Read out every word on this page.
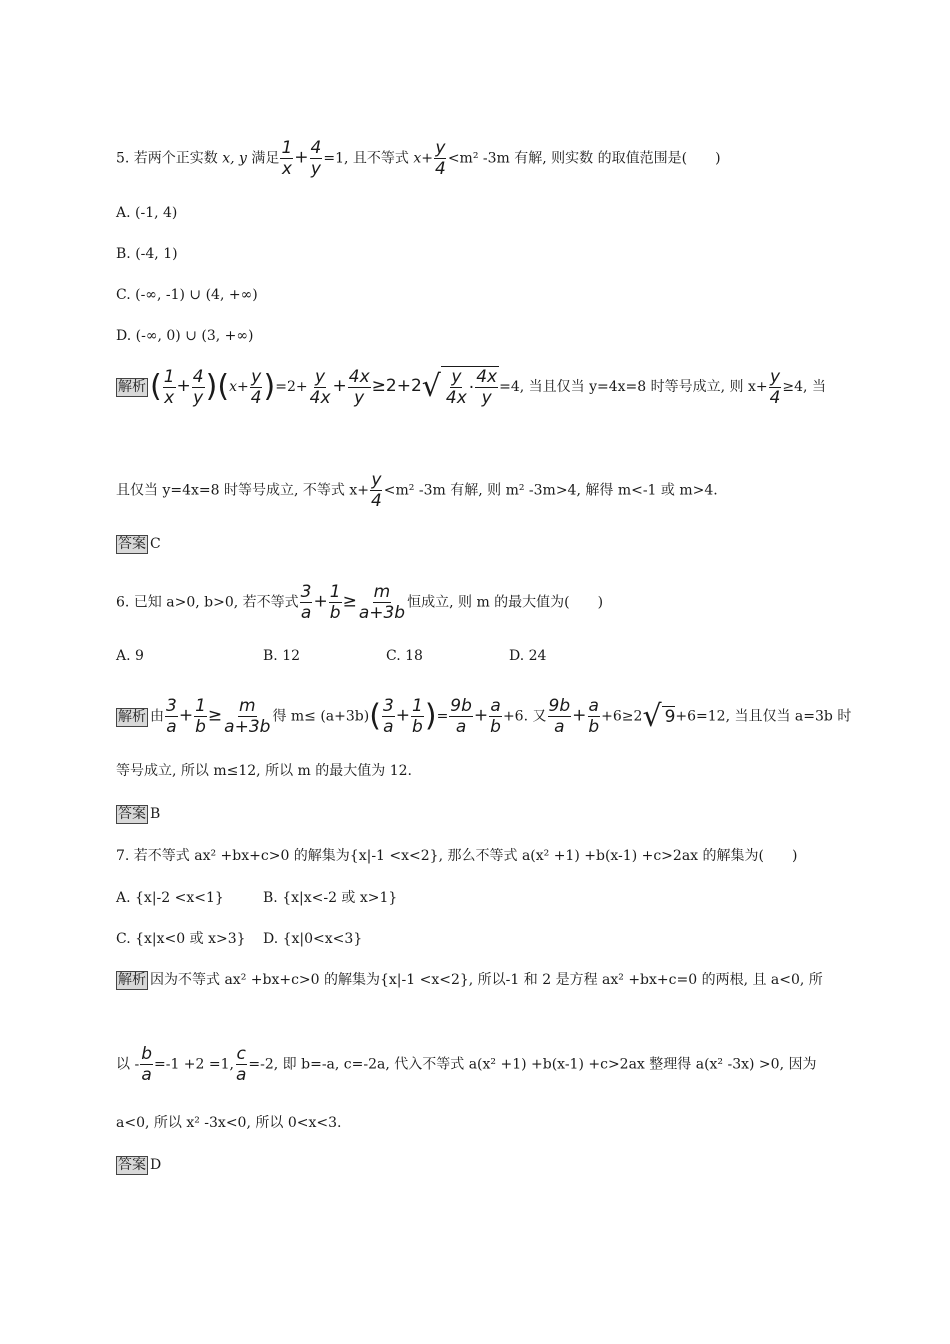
5. 若两个正实数 x, y 满足 $\frac{1}{x} + \frac{4}{y} =1$, 且不等式 $x+ \frac{y}{4} <m^2$ -3m 有解, 则实数 的取值范围是(　　)
A. (-1, 4)
B. (-4, 1)
C. (-∞, -1) ∪ (4, +∞)
D. (-∞, 0) ∪ (3, +∞)
解析 ( $\frac{1}{x} + \frac{4}{y} )(x+ \frac{y}{4} )=2+ \frac{y}{4x} + \frac{4x}{y} \ge 2+2$ √ $\frac{y}{4x} \cdot \frac{4x}{y} =4$, 当且仅当 y=4x=8 时等号成立, 则 $x+ \frac{y}{4} \ge 4$, 当
且仅当 y=4x=8 时等号成立, 不等式 $x+ \frac{y}{4} <m^2$ -3m 有解, 则 m² -3m>4, 解得 m<-1 或 m>4.
答案 C
6. 已知 a>0, b>0, 若不等式 $\frac{3}{a} + \frac{1}{b} \ge \frac{m}{a+3b}$ 恒成立, 则 m 的最大值为(　　)
A. 9	B. 12	C. 18	D. 24
解析 由 $\frac{3}{a} + \frac{1}{b} \ge \frac{m}{a+3b}$ 得 $m\le (a+3b)( \frac{3}{a} + \frac{1}{b}$ )= $\frac{9b}{a} + \frac{a}{b} +6$. 又 $\frac{9b}{a} + \frac{a}{b} +6\ge 2$ √ 9 +6=12, 当且仅当 a=3b 时
等号成立, 所以 m≤12, 所以 m 的最大值为 12.
答案 B
7. 若不等式 ax² +bx+c>0 的解集为{x|-1 <x<2}, 那么不等式 a(x² +1) +b(x-1) +c>2ax 的解集为(　　)
A. {x|-2 <x<1}	B. {x|x<-2 或 x>1}
C. {x|x<0 或 x>3} D. {x|0<x<3}
解析 因为不等式 ax² +bx+c>0 的解集为{x|-1 <x<2}, 所以-1 和 2 是方程 ax² +bx+c=0 的两根, 且 a<0, 所
以 - $\frac{b}{a} =-1 +2 =1$, $\frac{c}{a} =-2$, 即 b=-a, c=-2a, 代入不等式 a(x² +1) +b(x-1) +c>2ax 整理得 a(x² -3x) >0, 因为
a<0, 所以 x² -3x<0, 所以 0<x<3.
答案 D
